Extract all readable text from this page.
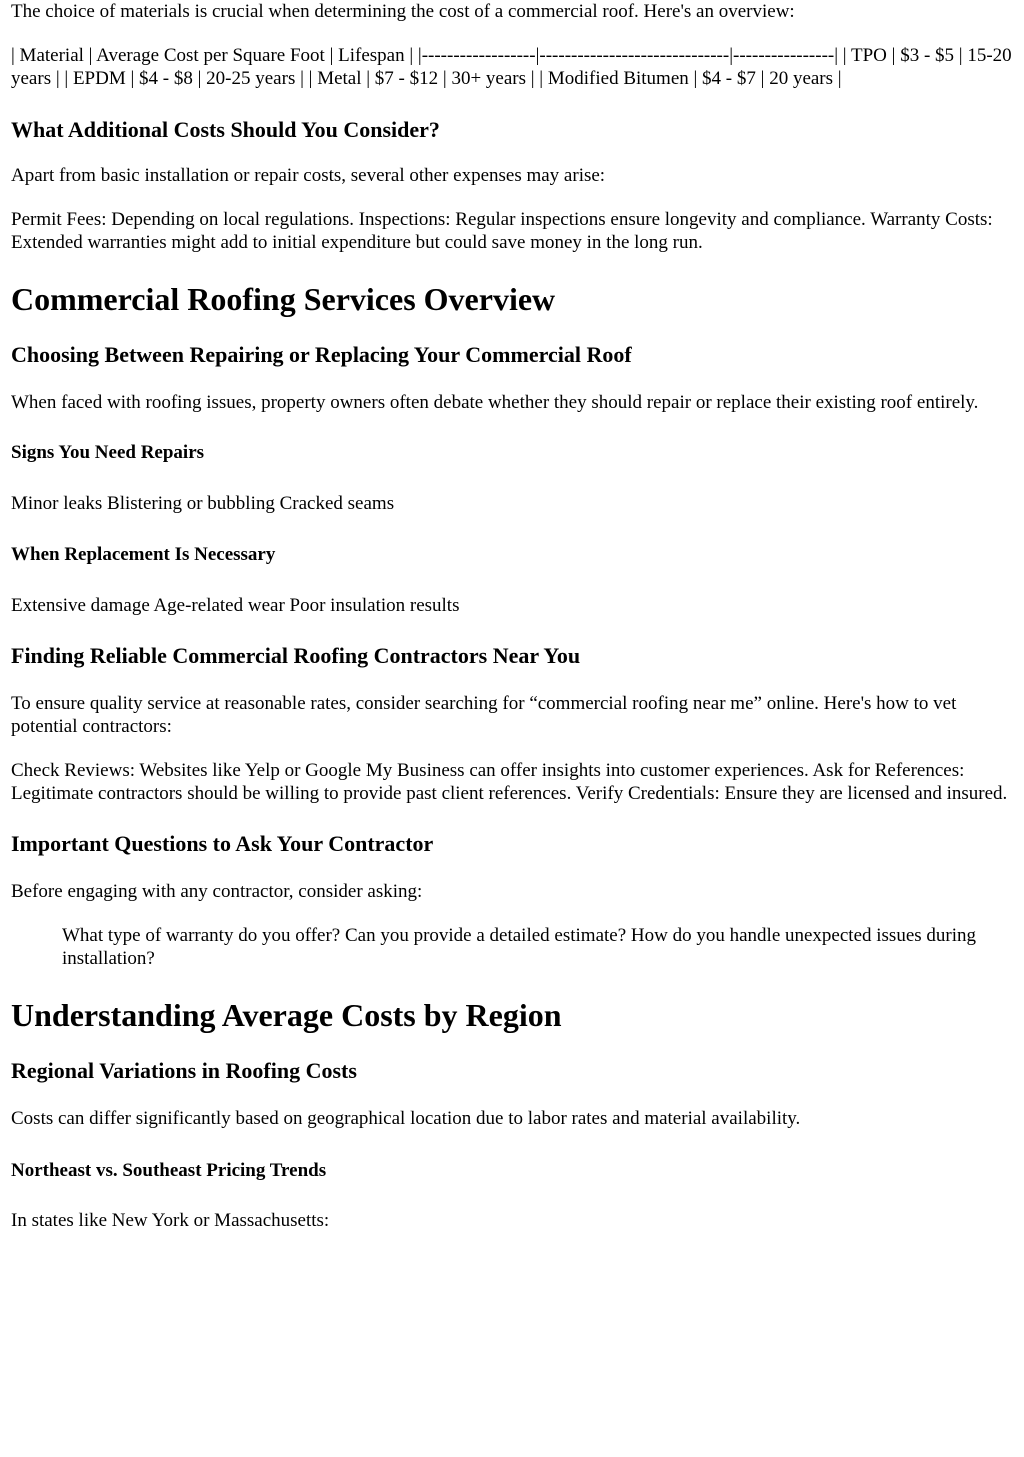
The choice of materials is crucial when determining the cost of a commercial roof. Here's an overview:

| Material | Average Cost per Square Foot | Lifespan | |------------------|------------------------------|----------------| | TPO | $3 - $5 | 15-20 years | | EPDM | $4 - $8 | 20-25 years | | Metal | $7 - $12 | 30+ years | | Modified Bitumen | $4 - $7 | 20 years |

What Additional Costs Should You Consider?

Apart from basic installation or repair costs, several other expenses may arise:

Permit Fees: Depending on local regulations. Inspections: Regular inspections ensure longevity and compliance. Warranty Costs: Extended warranties might add to initial expenditure but could save money in the long run.

Commercial Roofing Services Overview
Choosing Between Repairing or Replacing Your Commercial Roof

When faced with roofing issues, property owners often debate whether they should repair or replace their existing roof entirely.

Signs You Need Repairs

Minor leaks Blistering or bubbling Cracked seams

When Replacement Is Necessary

Extensive damage Age-related wear Poor insulation results

Finding Reliable Commercial Roofing Contractors Near You

To ensure quality service at reasonable rates, consider searching for “commercial roofing near me” online. Here's how to vet potential contractors:

Check Reviews: Websites like Yelp or Google My Business can offer insights into customer experiences. Ask for References: Legitimate contractors should be willing to provide past client references. Verify Credentials: Ensure they are licensed and insured.

Important Questions to Ask Your Contractor

Before engaging with any contractor, consider asking:

What type of warranty do you offer? Can you provide a detailed estimate? How do you handle unexpected issues during installation?
Understanding Average Costs by Region
Regional Variations in Roofing Costs

Costs can differ significantly based on geographical location due to labor rates and material availability.

Northeast vs. Southeast Pricing Trends

In states like New York or Massachusetts:
